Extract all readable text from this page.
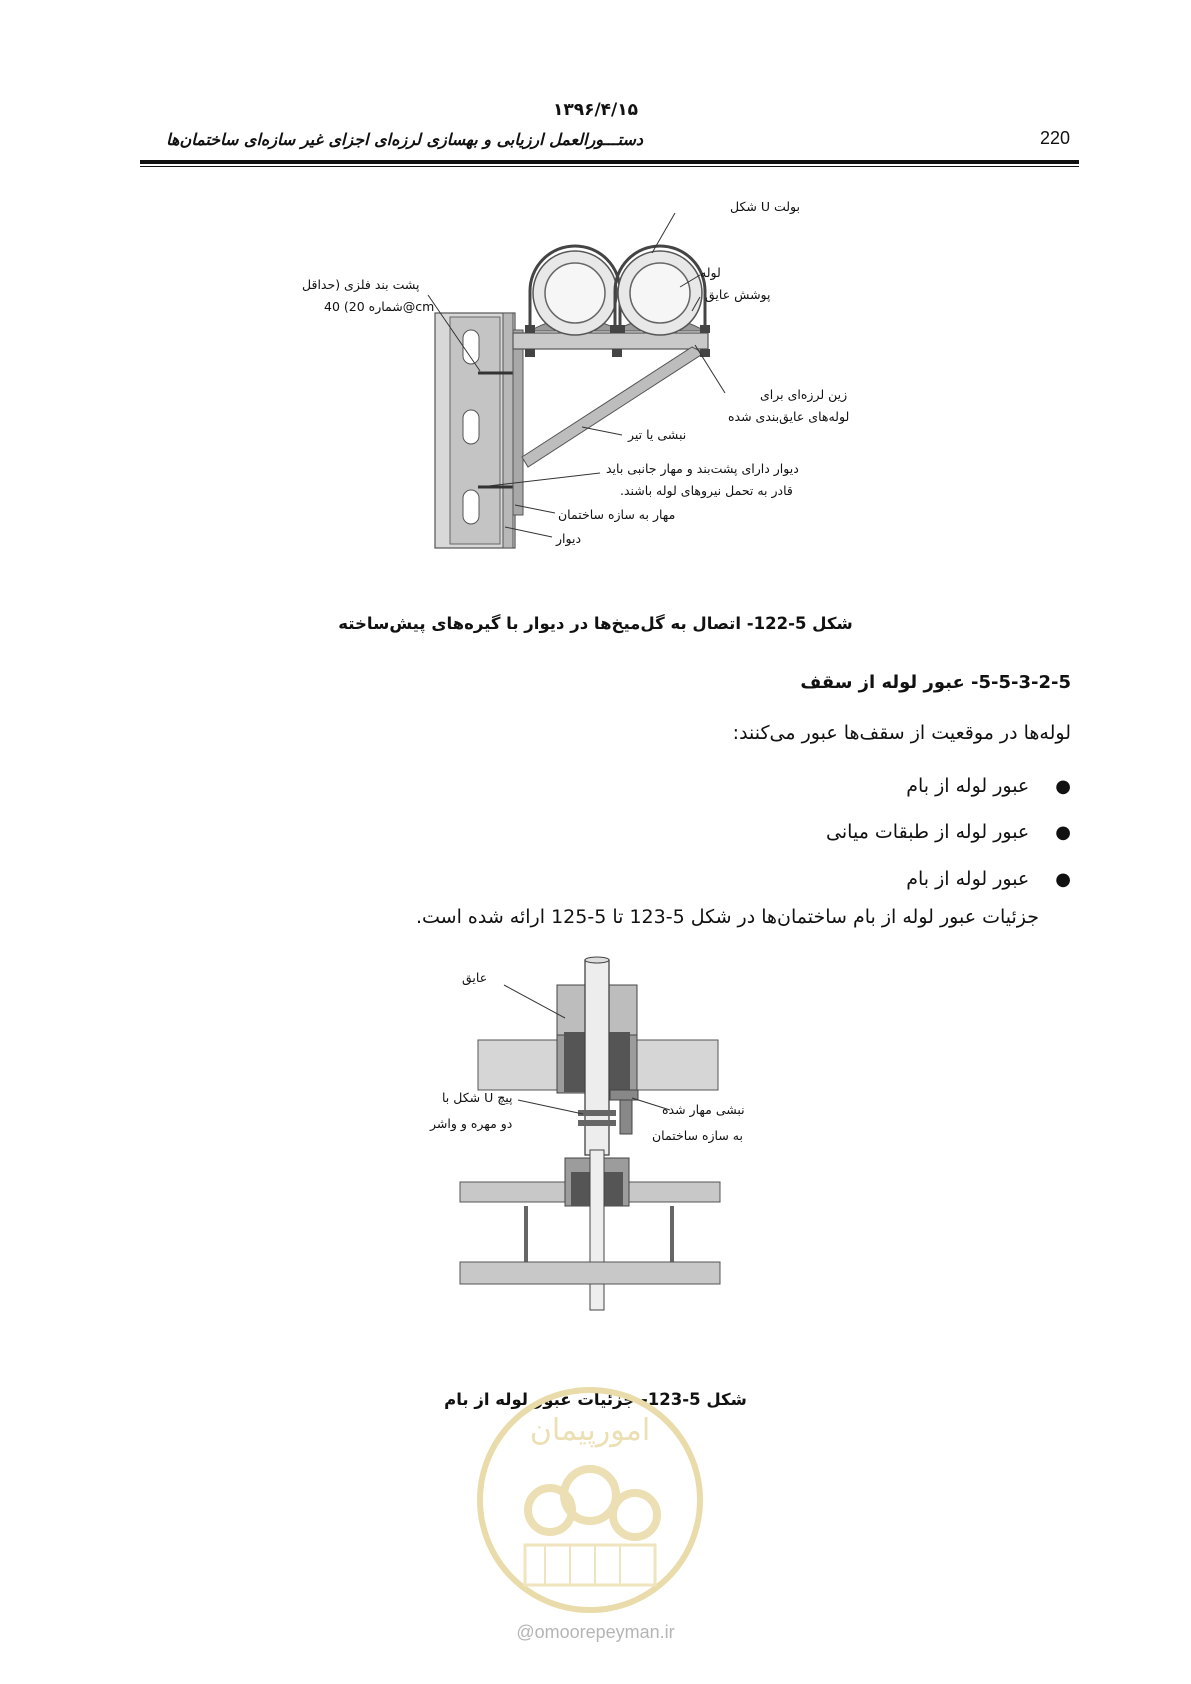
۱۳۹۶/۴/۱۵
دستـــورالعمل ارزیابی و بهسازی لرزه‌ای اجزای غیر سازه‌ای ساختمان‌ها	220
بولت U شکل
لوله
پوشش عایق
پشت بند فلزی (حداقل
شماره 20) 40@cm
زین لرزه‌ای برای
لوله‌های عایق‌بندی شده
نبشی یا تیر
دیوار دارای پشت‌بند و مهار جانبی باید
قادر به تحمل نیروهای لوله باشند.
مهار به سازه ساختمان
دیوار
شکل 5-122- اتصال به گل‌میخ‌ها در دیوار با گیره‌های پیش‌ساخته
5-5-3-2-5- عبور لوله از سقف
لوله‌ها در موقعیت از سقف‌ها عبور می‌کنند:
●
عبور لوله از بام
●
عبور لوله از طبقات میانی
●
عبور لوله از بام
جزئیات عبور لوله از بام ساختمان‌ها در شکل 5-123 تا 5-125 ارائه شده است.
عایق
پیچ U شکل با
دو مهره و واشر
نبشی مهار شده
به سازه ساختمان
شکل 5-123- جزئیات عبور لوله از بام
امورپیمان
@omoorepeyman.ir
